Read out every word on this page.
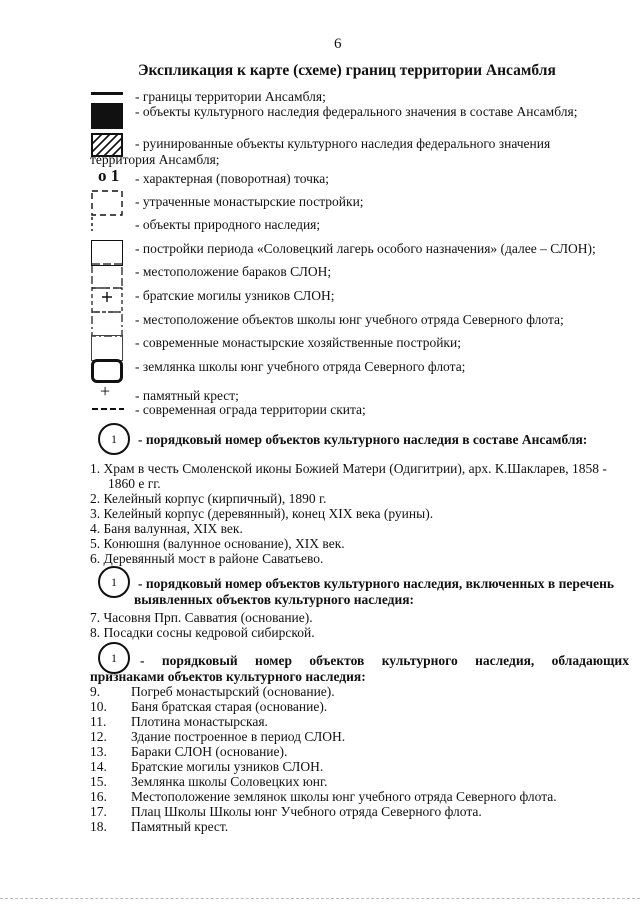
6
Экспликация к карте (схеме) границ территории Ансамбля
- границы территории Ансамбля;
- объекты культурного наследия федерального значения в составе Ансамбля;
- руинированные объекты культурного наследия федерального значения
территория Ансамбля;
o 1 - характерная (поворотная) точка;
- утраченные монастырские постройки;
- объекты природного наследия;
- постройки периода «Соловецкий лагерь особого назначения» (далее – СЛОН);
- местоположение бараков СЛОН;
- братские могилы узников СЛОН;
- местоположение объектов школы юнг учебного отряда Северного флота;
- современные монастырские хозяйственные постройки;
- землянка школы юнг учебного отряда Северного флота;
+ - памятный крест;
- современная ограда территории скита;
1 - порядковый номер объектов культурного наследия в составе Ансамбля:
1. Храм в честь Смоленской иконы Божией Матери (Одигитрии), арх. К.Шакларев, 1858 -
1860 е гг.
2. Келейный корпус (кирпичный), 1890 г.
3. Келейный корпус (деревянный), конец XIX века (руины).
4. Баня валунная, XIX век.
5. Конюшня (валунное основание), XIX век.
6. Деревянный мост в районе Саватьево.
1 - порядковый номер объектов культурного наследия, включенных в перечень
выявленных объектов культурного наследия:
7. Часовня Прп. Савватия (основание).
8. Посадки сосны кедровой сибирской.
1 - порядковый номер объектов культурного наследия, обладающих
признаками объектов культурного наследия:
9. Погреб монастырский (основание).
10. Баня братская старая (основание).
11. Плотина монастырская.
12. Здание построенное в период СЛОН.
13. Бараки СЛОН (основание).
14. Братские могилы узников СЛОН.
15. Землянка школы Соловецких юнг.
16. Местоположение землянок школы юнг учебного отряда Северного флота.
17. Плац Школы Школы юнг Учебного отряда Северного флота.
18. Памятный крест.
